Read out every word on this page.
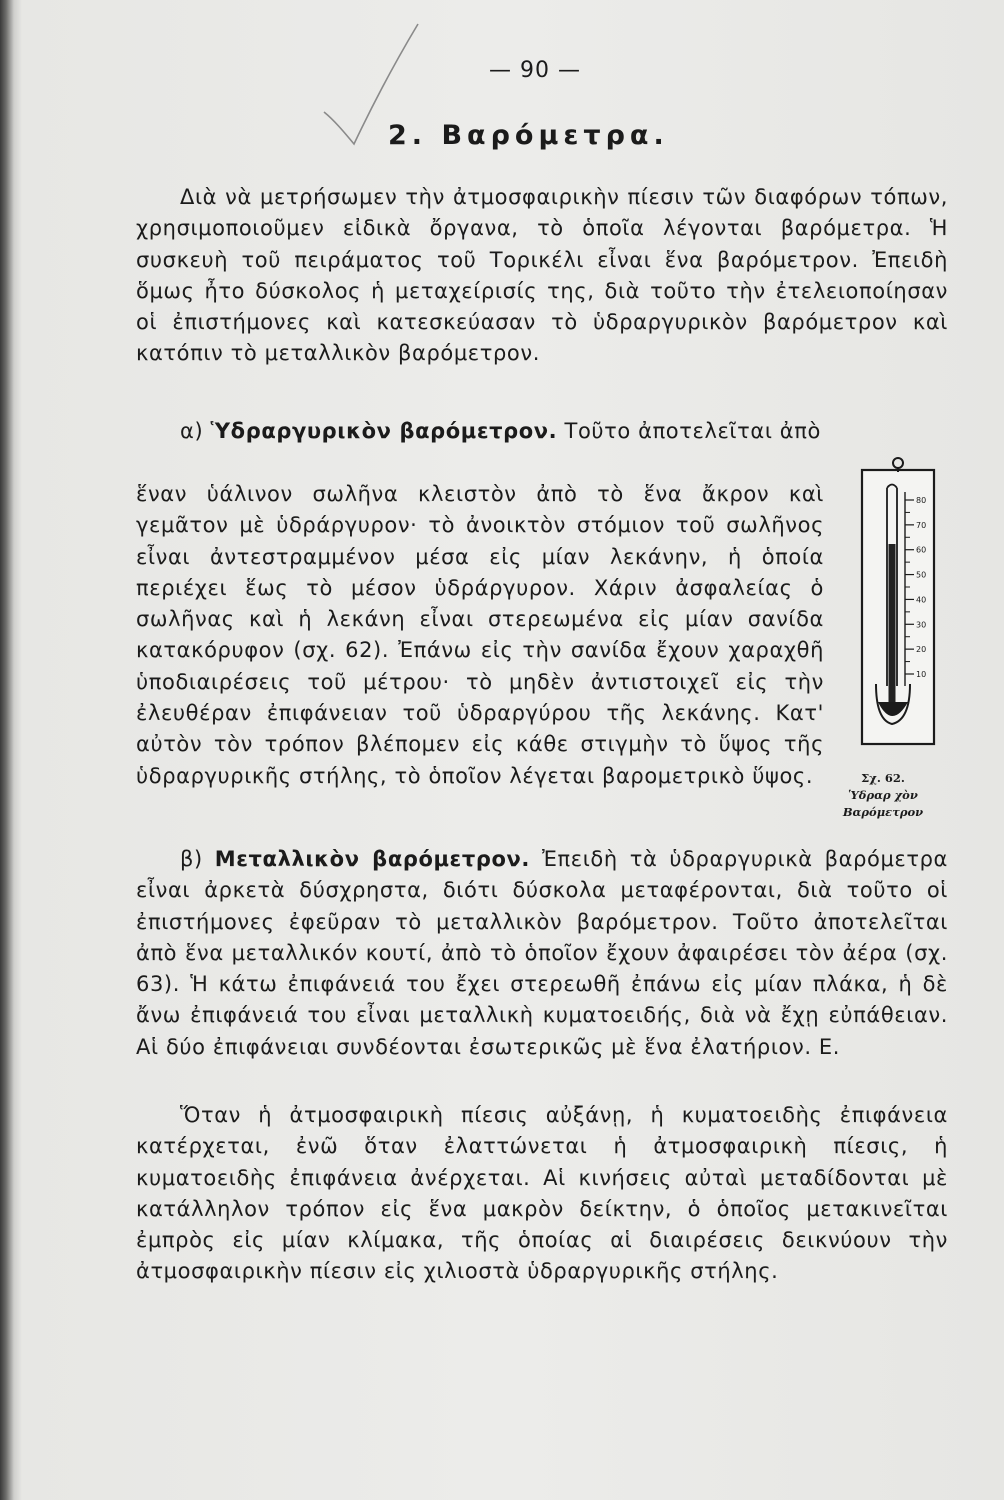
— 90 —
2. Βαρόμετρα.

Διὰ νὰ μετρήσωμεν τὴν ἀτμοσφαιρικὴν πίεσιν τῶν διαφόρων τόπων, χρησιμοποιοῦμεν εἰδικὰ ὄργανα, τὸ ὁποῖα λέγονται βαρόμετρα. Ἡ συσκευὴ τοῦ πειράματος τοῦ Τορικέλι εἶναι ἕνα βαρόμετρον. Ἐπειδὴ ὅμως ἦτο δύσκολος ἡ μεταχείρισίς της, διὰ τοῦτο τὴν ἐτελειοποίησαν οἱ ἐπιστήμονες καὶ κατεσκεύασαν τὸ ὑδραργυρικὸν βαρόμετρον καὶ κατόπιν τὸ μεταλλικὸν βαρόμετρον.

α) Ὑδραργυρικὸν βαρόμετρον. Τοῦτο ἀποτελεῖται ἀπὸ

ἕναν ὑάλινον σωλῆνα κλειστὸν ἀπὸ τὸ ἕνα ἄκρον καὶ γεμᾶτον μὲ ὑδράργυρον· τὸ ἀνοικτὸν στόμιον τοῦ σωλῆνος εἶναι ἀντεστραμμένον μέσα εἰς μίαν λεκάνην, ἡ ὁποία περιέχει ἕως τὸ μέσον ὑδράργυρον. Χάριν ἀσφαλείας ὁ σωλῆνας καὶ ἡ λεκάνη εἶναι στερεωμένα εἰς μίαν σανίδα κατακόρυφον (σχ. 62). Ἐπάνω εἰς τὴν σανίδα ἔχουν χαραχθῆ ὑποδιαιρέσεις τοῦ μέτρου· τὸ μηδὲν ἀντιστοιχεῖ εἰς τὴν ἐλευθέραν ἐπιφάνειαν τοῦ ὑδραργύρου τῆς λεκάνης. Κατ' αὐτὸν τὸν τρόπον βλέπομεν εἰς κάθε στιγμὴν τὸ ὕψος τῆς ὑδραργυρικῆς στήλης, τὸ ὁποῖον λέγεται βαρομετρικὸ ὕψος.

80
70
60
50
40
30
20
10
Σχ. 62.
Ὑδραρ χὸν Βαρόμετρον

β) Μεταλλικὸν βαρόμετρον. Ἐπειδὴ τὰ ὑδραργυρικὰ βαρόμετρα εἶναι ἀρκετὰ δύσχρηστα, διότι δύσκολα μεταφέρονται, διὰ τοῦτο οἱ ἐπιστήμονες ἐφεῦραν τὸ μεταλλικὸν βαρόμετρον. Τοῦτο ἀποτελεῖται ἀπὸ ἕνα μεταλλικόν κουτί, ἀπὸ τὸ ὁποῖον ἔχουν ἀφαιρέσει τὸν ἀέρα (σχ. 63). Ἡ κάτω ἐπιφάνειά του ἔχει στερεωθῆ ἐπάνω εἰς μίαν πλάκα, ἡ δὲ ἄνω ἐπιφάνειά του εἶναι μεταλλικὴ κυματοειδής, διὰ νὰ ἔχῃ εὐπάθειαν. Αἱ δύο ἐπιφάνειαι συνδέονται ἐσωτερικῶς μὲ ἕνα ἐλατήριον. Ε.

Ὅταν ἡ ἀτμοσφαιρικὴ πίεσις αὐξάνῃ, ἡ κυματοειδὴς ἐπιφάνεια κατέρχεται, ἐνῶ ὅταν ἐλαττώνεται ἡ ἀτμοσφαιρικὴ πίεσις, ἡ κυματοειδὴς ἐπιφάνεια ἀνέρχεται. Αἱ κινήσεις αὐταὶ μεταδίδονται μὲ κατάλληλον τρόπον εἰς ἕνα μακρὸν δείκτην, ὁ ὁποῖος μετακινεῖται ἐμπρὸς εἰς μίαν κλίμακα, τῆς ὁποίας αἱ διαιρέσεις δεικνύουν τὴν ἀτμοσφαιρικὴν πίεσιν εἰς χιλιοστὰ ὑδραργυρικῆς στήλης.
